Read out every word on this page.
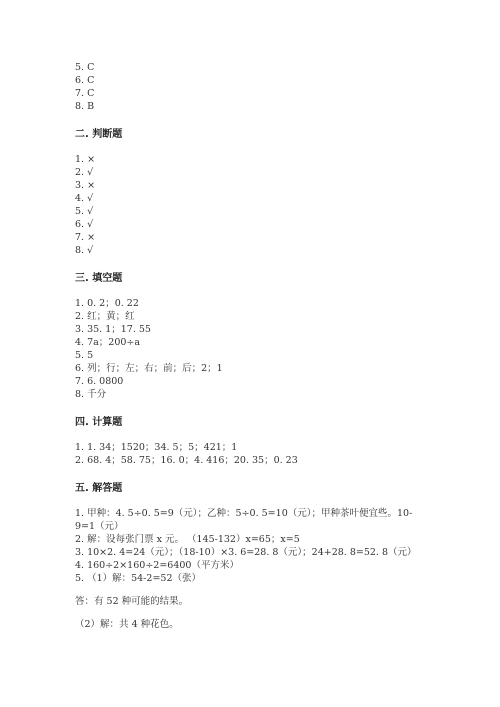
5. C
6. C
7. C
8. B
二. 判断题
1. ×
2. √
3. ×
4. √
5. √
6. √
7. ×
8. √
三. 填空题
1. 0. 2；0. 22
2. 红；黄；红
3. 35. 1；17. 55
4. 7a；200÷a
5. 5
6. 列；行；左；右；前；后；2；1
7. 6. 0800
8. 千分
四. 计算题
1. 1. 34；1520；34. 5；5；421；1
2. 68. 4；58. 75；16. 0；4. 416；20. 35；0. 23
五. 解答题
1. 甲种：4. 5÷0. 5=9（元）；乙种：5÷0. 5=10（元）；甲种茶叶便宜些。10-9=1（元）
2. 解：设每张门票 x 元。 （145-132）x=65；x=5
3. 10×2. 4=24（元）；（18-10）×3. 6=28. 8（元）；24+28. 8=52. 8（元）
4. 160÷2×160÷2=6400（平方米）
5. （1）解：54-2=52（张）
答：有 52 种可能的结果。
（2）解：共 4 种花色。
